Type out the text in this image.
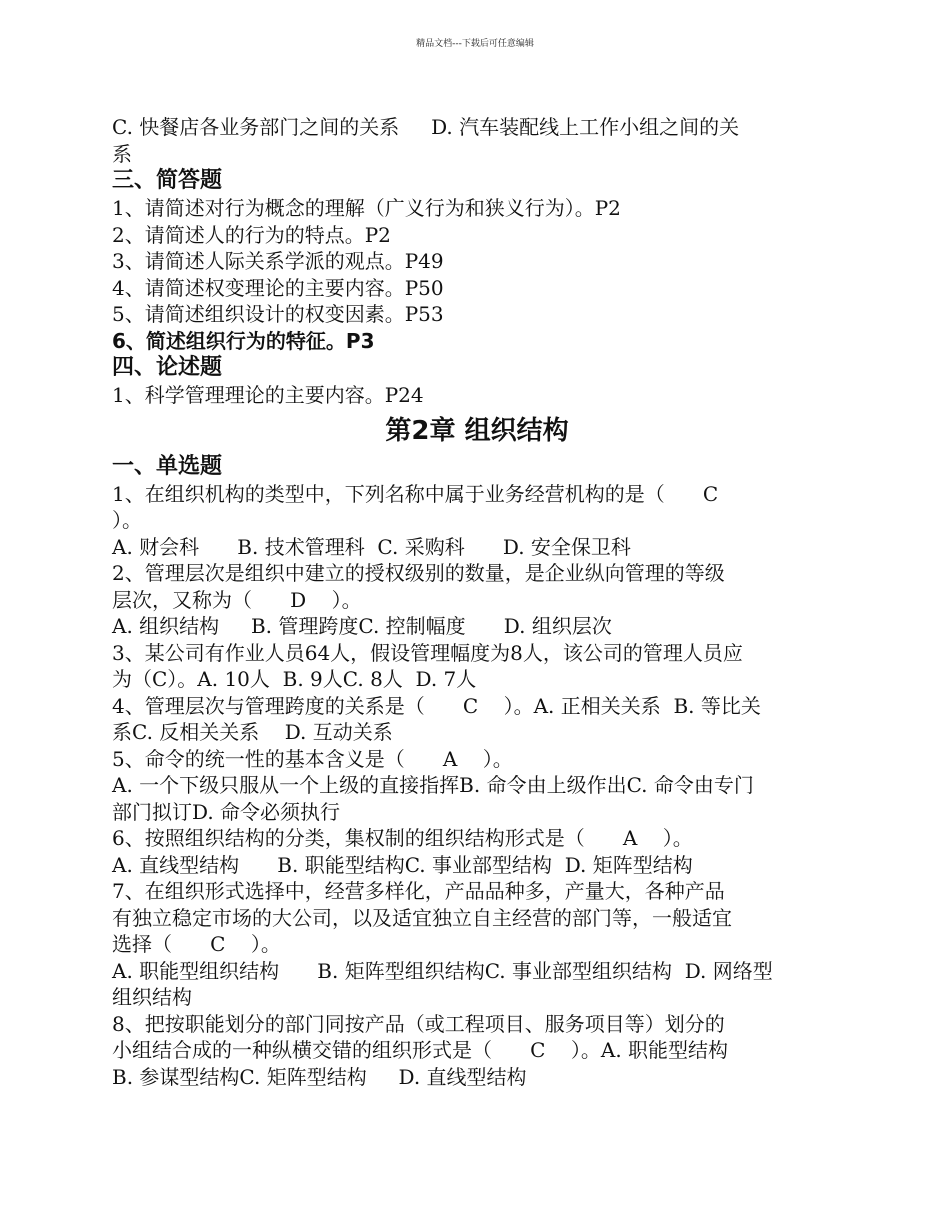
精品文档---下载后可任意编辑
C. 快餐店各业务部门之间的关系     D. 汽车装配线上工作小组之间的关
系
三、简答题
1、请简述对行为概念的理解（广义行为和狭义行为）。P2
2、请简述人的行为的特点。P2
3、请简述人际关系学派的观点。P49
4、请简述权变理论的主要内容。P50
5、请简述组织设计的权变因素。P53
6、简述组织行为的特征。P3
四、论述题
1、科学管理理论的主要内容。P24
第2章 组织结构
一、单选题
1、在组织机构的类型中，下列名称中属于业务经营机构的是（      C
）。
A. 财会科      B. 技术管理科  C. 采购科      D. 安全保卫科
2、管理层次是组织中建立的授权级别的数量，是企业纵向管理的等级
层次，又称为（      D    ）。
A. 组织结构     B. 管理跨度C. 控制幅度      D. 组织层次
3、某公司有作业人员64人，假设管理幅度为8人，该公司的管理人员应
为（C）。A. 10人  B. 9人C. 8人  D. 7人
4、管理层次与管理跨度的关系是（      C    ）。A. 正相关关系  B. 等比关
系C. 反相关关系    D. 互动关系
5、命令的统一性的基本含义是（      A    ）。
A. 一个下级只服从一个上级的直接指挥B. 命令由上级作出C. 命令由专门
部门拟订D. 命令必须执行
6、按照组织结构的分类，集权制的组织结构形式是（      A    ）。
A. 直线型结构      B. 职能型结构C. 事业部型结构  D. 矩阵型结构
7、在组织形式选择中，经营多样化，产品品种多，产量大，各种产品
有独立稳定市场的大公司，以及适宜独立自主经营的部门等，一般适宜
选择（      C    ）。
A. 职能型组织结构      B. 矩阵型组织结构C. 事业部型组织结构  D. 网络型
组织结构
8、把按职能划分的部门同按产品（或工程项目、服务项目等）划分的
小组结合成的一种纵横交错的组织形式是（      C    ）。A. 职能型结构
B. 参谋型结构C. 矩阵型结构     D. 直线型结构
